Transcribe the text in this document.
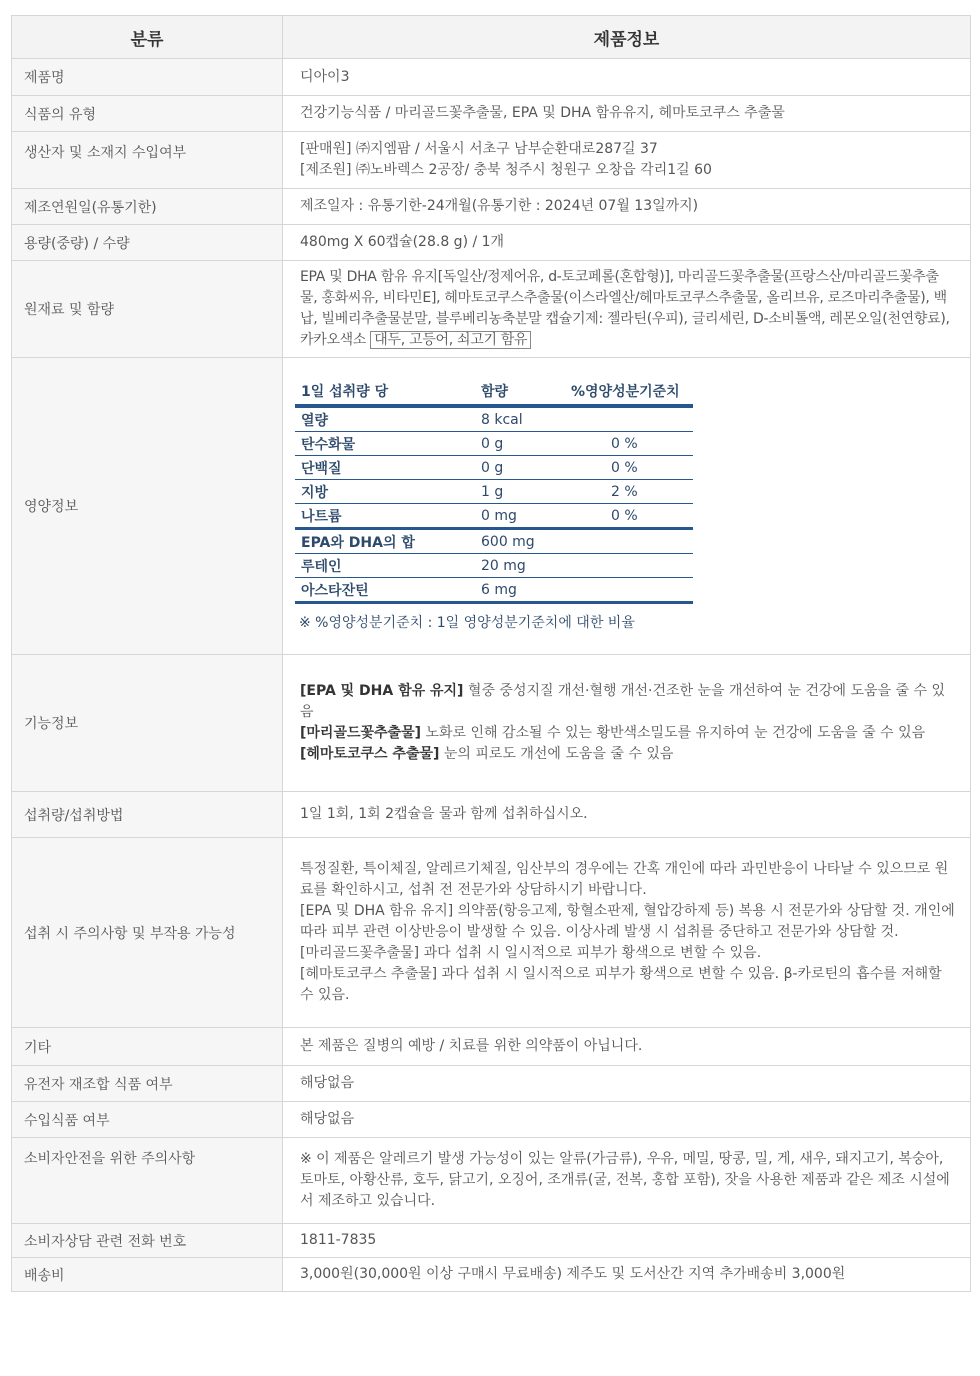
분류	제품정보
제품명	디아이3
식품의 유형	건강기능식품 / 마리골드꽃추출물, EPA 및 DHA 함유유지, 헤마토코쿠스 추출물
생산자 및 소재지 수입여부	[판매원] ㈜지엠팜 / 서울시 서초구 남부순환대로287길 37
[제조원] ㈜노바렉스 2공장/ 충북 청주시 청원구 오창읍 각리1길 60

제조연원일(유통기한)	제조일자 : 유통기한-24개월(유통기한 : 2024년 07월 13일까지)
용량(중량) / 수량	480mg X 60캡슐(28.8 g) / 1개
원재료 및 함량	EPA 및 DHA 함유 유지[독일산/정제어유, d-토코페롤(혼합형)], 마리골드꽃추출물(프랑스산/마리골드꽃추출물, 홍화씨유, 비타민E], 헤마토코쿠스추출물(이스라엘산/헤마토코쿠스추출물, 올리브유, 로즈마리추출물), 백납, 빌베리추출물분말, 블루베리농축분말 캡슐기제: 젤라틴(우피), 글리세린, D-소비톨액, 레몬오일(천연향료), 카카오색소 대두, 고등어, 쇠고기 함유
영양정보	
1일 섭취량 당	함량	%영양성분기준치
열량	8 kcal	
탄수화물	0 g	0 %
단백질	0 g	0 %
지방	1 g	2 %
나트륨	0 mg	0 %
EPA와 DHA의 합	600 mg	
루테인	20 mg	
아스타잔틴	6 mg	
※ %영양성분기준치 : 1일 영양성분기준치에 대한 비율

기능정보	
[EPA 및 DHA 함유 유지] 혈중 중성지질 개선·혈행 개선·건조한 눈을 개선하여 눈 건강에 도움을 줄 수 있음
[마리골드꽃추출물] 노화로 인해 감소될 수 있는 황반색소밀도를 유지하여 눈 건강에 도움을 줄 수 있음
[헤마토코쿠스 추출물] 눈의 피로도 개선에 도움을 줄 수 있음

섭취량/섭취방법	1일 1회, 1회 2캡슐을 물과 함께 섭취하십시오.
섭취 시 주의사항 및 부작용 가능성	
특정질환, 특이체질, 알레르기체질, 임산부의 경우에는 간혹 개인에 따라 과민반응이 나타날 수 있으므로 원료를 확인하시고, 섭취 전 전문가와 상담하시기 바랍니다.
[EPA 및 DHA 함유 유지] 의약품(항응고제, 항혈소판제, 혈압강하제 등) 복용 시 전문가와 상담할 것. 개인에 따라 피부 관련 이상반응이 발생할 수 있음. 이상사례 발생 시 섭취를 중단하고 전문가와 상담할 것.
[마리골드꽃추출물] 과다 섭취 시 일시적으로 피부가 황색으로 변할 수 있음.
[헤마토코쿠스 추출물] 과다 섭취 시 일시적으로 피부가 황색으로 변할 수 있음. β-카로틴의 흡수를 저해할 수 있음.

기타	본 제품은 질병의 예방 / 치료를 위한 의약품이 아닙니다.
유전자 재조합 식품 여부	해당없음
수입식품 여부	해당없음
소비자안전을 위한 주의사항	※ 이 제품은 알레르기 발생 가능성이 있는 알류(가금류), 우유, 메밀, 땅콩, 밀, 게, 새우, 돼지고기, 복숭아, 토마토, 아황산류, 호두, 닭고기, 오징어, 조개류(굴, 전복, 홍합 포함), 잣을 사용한 제품과 같은 제조 시설에서 제조하고 있습니다.
소비자상담 관련 전화 번호	1811-7835
배송비	3,000원(30,000원 이상 구매시 무료배송) 제주도 및 도서산간 지역 추가배송비 3,000원
